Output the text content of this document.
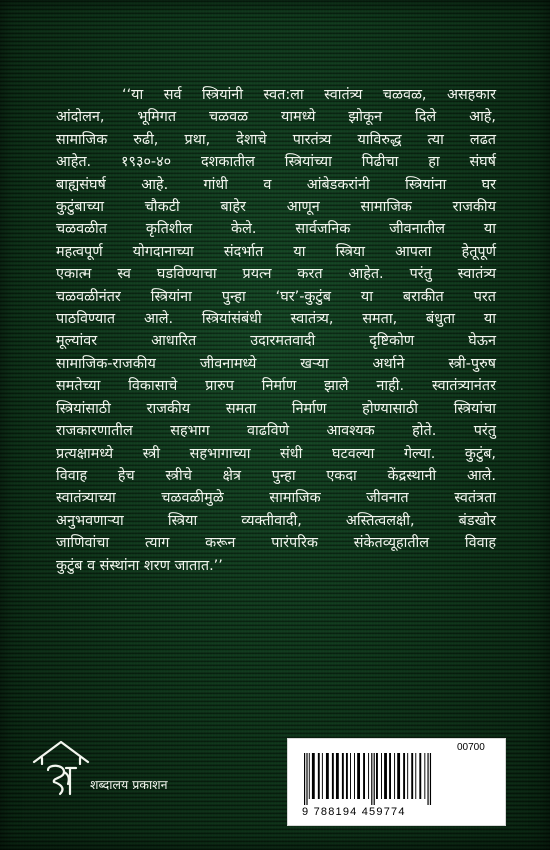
‘‘या सर्व स्त्रियांनी स्वत:ला स्वातंत्र्य चळवळ, असहकार
आंदोलन, भूमिगत चळवळ यामध्ये झोकून दिले आहे,
सामाजिक रुढी, प्रथा, देशाचे पारतंत्र्य याविरुद्ध त्या लढत
आहेत. १९३०-४० दशकातील स्त्रियांच्या पिढीचा हा संघर्ष
बाह्यसंघर्ष आहे. गांधी व आंबेडकरांनी स्त्रियांना घर
कुटुंबाच्या चौकटी बाहेर आणून सामाजिक राजकीय
चळवळीत कृतिशील केले. सार्वजनिक जीवनातील या
महत्वपूर्ण योगदानाच्या संदर्भात या स्त्रिया आपला हेतूपूर्ण
एकात्म स्व घडविण्याचा प्रयत्न करत आहेत. परंतु स्वातंत्र्य
चळवळीनंतर स्त्रियांना पुन्हा ‘घर’-कुटुंब या बराकीत परत
पाठविण्यात आले. स्त्रियांसंबंधी स्वातंत्र्य, समता, बंधुता या
मूल्यांवर आधारित उदारमतवादी दृष्टिकोण घेऊन
सामाजिक-राजकीय जीवनामध्ये खऱ्या अर्थाने स्त्री-पुरुष
समतेच्या विकासाचे प्रारुप निर्माण झाले नाही. स्वातंत्र्यानंतर
स्त्रियांसाठी राजकीय समता निर्माण होण्यासाठी स्त्रियांचा
राजकारणातील सहभाग वाढविणे आवश्यक होते. परंतु
प्रत्यक्षामध्ये स्त्री सहभागाच्या संधी घटवल्या गेल्या. कुटुंब,
विवाह हेच स्त्रीचे क्षेत्र पुन्हा एकदा केंद्रस्थानी आले.
स्वातंत्र्याच्या चळवळीमुळे सामाजिक जीवनात स्वतंत्रता
अनुभवणाऱ्या स्त्रिया व्यक्तीवादी, अस्तित्वलक्षी, बंडखोर
जाणिवांचा त्याग करून पारंपरिक संकेतव्यूहातील विवाह
कुटुंब व संस्थांना शरण जातात.’’
शब्दालय प्रकाशन
00700
9 788194 459774
